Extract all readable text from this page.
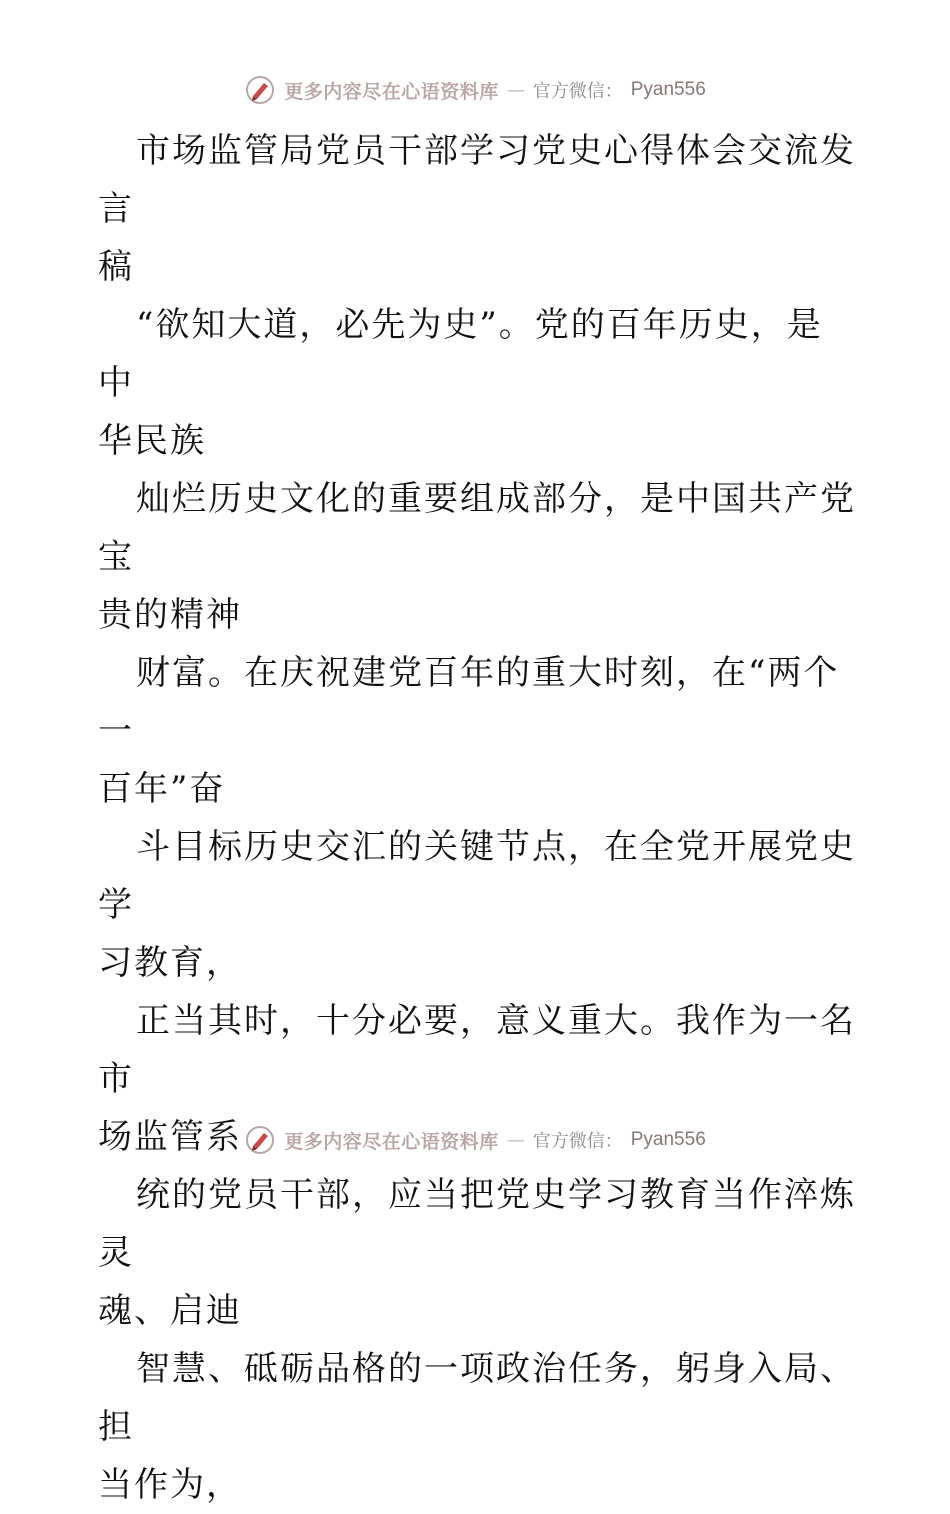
更多内容尽在心语资料库 — 官方微信： Pyan556

市场监管局党员干部学习党史心得体会交流发言
稿

“欲知大道，必先为史”。党的百年历史，是中
华民族

灿烂历史文化的重要组成部分，是中国共产党宝
贵的精神

财富。在庆祝建党百年的重大时刻，在“两个一
百年”奋

斗目标历史交汇的关键节点，在全党开展党史学
习教育，

正当其时，十分必要，意义重大。我作为一名市
场监管系

统的党员干部，应当把党史学习教育当作淬炼灵
魂、启迪

智慧、砥砺品格的一项政治任务，躬身入局、担
当作为，

更多内容尽在心语资料库 — 官方微信： Pyan556
